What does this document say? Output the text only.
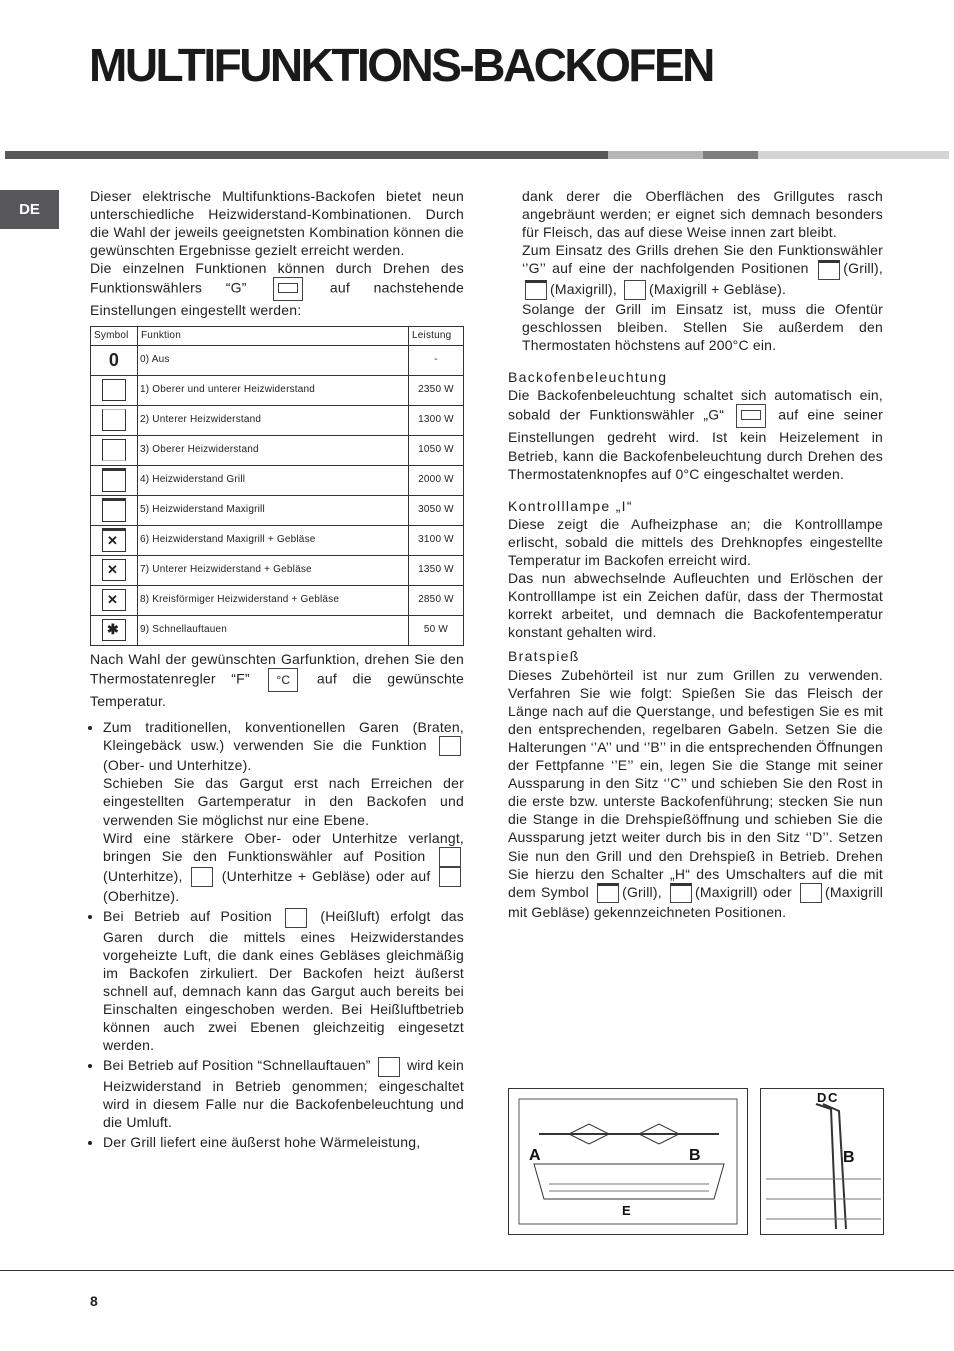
MULTIFUNKTIONS-BACKOFEN
DE

Dieser elektrische Multifunktions-Backofen bietet neun unterschiedliche Heizwiderstand-Kombinationen. Durch die Wahl der jeweils geeignetsten Kombination können die gewünschten Ergebnisse gezielt erreicht werden.

Die einzelnen Funktionen können durch Drehen des Funktionswählers “G”	auf nachstehende Einstellungen eingestellt werden:

Symbol	Funktion	Leistung
0	0) Aus	-
	1) Oberer und unterer Heizwiderstand	2350 W
	2) Unterer Heizwiderstand	1300 W
	3) Oberer Heizwiderstand	1050 W
	4) Heizwiderstand Grill	2000 W
	5) Heizwiderstand Maxigrill	3050 W
✕	6) Heizwiderstand Maxigrill + Gebläse	3100 W
✕	7) Unterer Heizwiderstand + Gebläse	1350 W
✕	8) Kreisförmiger Heizwiderstand + Gebläse	2850 W
✱	9) Schnellauftauen	50 W

Nach Wahl der gewünschten Garfunktion, drehen Sie den Thermostatenregler “F” °C auf die gewünschte Temperatur.

• Zum traditionellen, konventionellen Garen (Braten, Kleingebäck usw.) verwenden Sie die Funktion  (Ober- und Unterhitze).
Schieben Sie das Gargut erst nach Erreichen der eingestellten Gartemperatur in den Backofen und verwenden Sie möglichst nur eine Ebene.
Wird eine stärkere Ober- oder Unterhitze verlangt, bringen Sie den Funktionswähler auf Position  (Unterhitze),	(Unterhitze + Gebläse) oder auf  (Oberhitze).
• Bei Betrieb auf Position	(Heißluft) erfolgt das Garen durch die mittels eines Heizwiderstandes vorgeheizte Luft, die dank eines Gebläses gleichmäßig im Backofen zirkuliert. Der Backofen heizt äußerst schnell auf, demnach kann das Gargut auch bereits bei Einschalten eingeschoben werden. Bei Heißluftbetrieb können auch zwei Ebenen gleichzeitig eingesetzt werden.
• Bei Betrieb auf Position “Schnellauftauen”	wird kein Heizwiderstand in Betrieb genommen; eingeschaltet wird in diesem Falle nur die Backofenbeleuchtung und die Umluft.
• Der Grill liefert eine äußerst hohe Wärmeleistung,

dank derer die Oberflächen des Grillgutes rasch angebräunt werden; er eignet sich demnach besonders für Fleisch, das auf diese Weise innen zart bleibt.

Zum Einsatz des Grills drehen Sie den Funktionswähler ‘’G’’ auf eine der nachfolgenden Positionen (Grill), (Maxigrill), (Maxigrill + Gebläse).

Solange der Grill im Einsatz ist, muss die Ofentür geschlossen bleiben. Stellen Sie außerdem den Thermostaten höchstens auf 200°C ein.

Backofenbeleuchtung

Die Backofenbeleuchtung schaltet sich automatisch ein, sobald der Funktionswähler „G“	auf eine seiner Einstellungen gedreht wird. Ist kein Heizelement in Betrieb, kann die Backofenbeleuchtung durch Drehen des Thermostatenknopfes auf 0°C eingeschaltet werden.

Kontrolllampe „I“

Diese zeigt die Aufheizphase an; die Kontrolllampe erlischt, sobald die mittels des Drehknopfes eingestellte Temperatur im Backofen erreicht wird.

Das nun abwechselnde Aufleuchten und Erlöschen der Kontrolllampe ist ein Zeichen dafür, dass der Thermostat korrekt arbeitet, und demnach die Backofentemperatur konstant gehalten wird.

Bratspieß

Dieses Zubehörteil ist nur zum Grillen zu verwenden. Verfahren Sie wie folgt: Spießen Sie das Fleisch der Länge nach auf die Querstange, und befestigen Sie es mit den entsprechenden, regelbaren Gabeln. Setzen Sie die Halterungen ‘’A’’ und ‘’B’’ in die entsprechenden Öffnungen der Fettpfanne ‘’E’’ ein, legen Sie die Stange mit seiner Aussparung in den Sitz ‘’C’’ und schieben Sie den Rost in die erste bzw. unterste Backofenführung; stecken Sie nun die Stange in die Drehspießöffnung und schieben Sie die Aussparung jetzt weiter durch bis in den Sitz ‘’D’’. Setzen Sie nun den Grill und den Drehspieß in Betrieb. Drehen Sie hierzu den Schalter „H“ des Umschalters auf die mit dem Symbol (Grill), (Maxigrill) oder (Maxigrill mit Gebläse) gekennzeichneten Positionen.

A	B
E
D C
B
8
